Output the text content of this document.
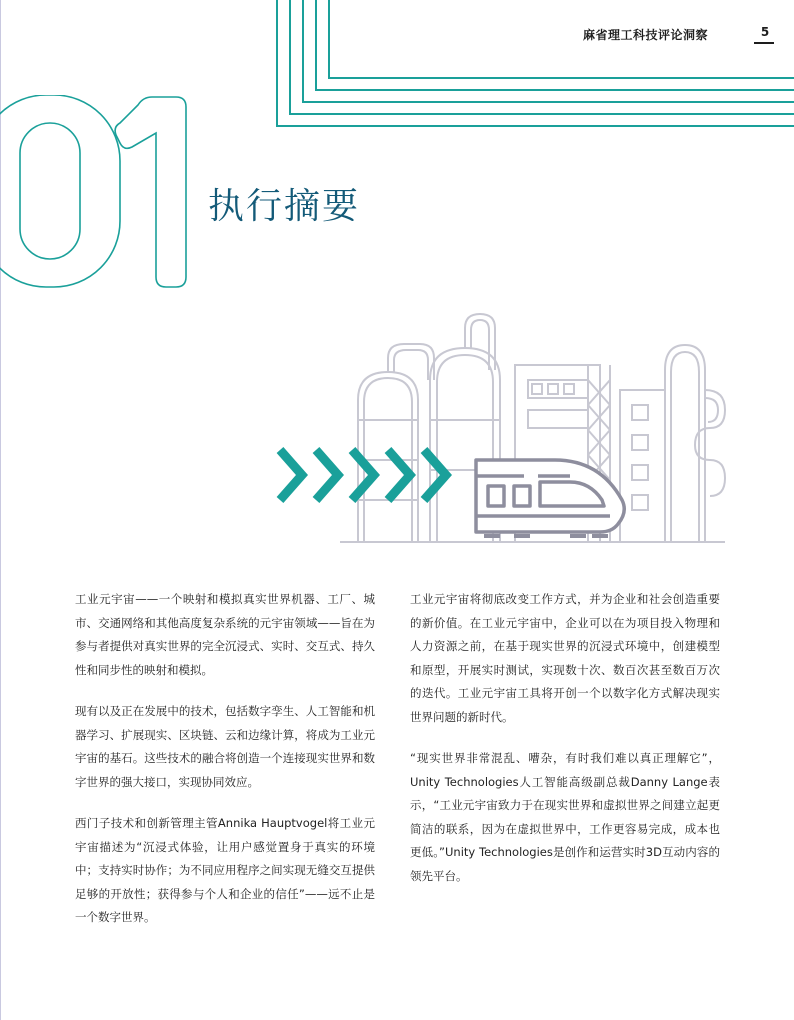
麻省理工科技评论洞察	5
执行摘要

工业元宇宙——一个映射和模拟真实世界机器、工厂、城市、交通网络和其他高度复杂系统的元宇宙领域——旨在为参与者提供对真实世界的完全沉浸式、实时、交互式、持久性和同步性的映射和模拟。

现有以及正在发展中的技术，包括数字孪生、人工智能和机器学习、扩展现实、区块链、云和边缘计算，将成为工业元宇宙的基石。这些技术的融合将创造一个连接现实世界和数字世界的强大接口，实现协同效应。

西门子技术和创新管理主管Annika Hauptvogel将工业元宇宙描述为“沉浸式体验，让用户感觉置身于真实的环境中；支持实时协作；为不同应用程序之间实现无缝交互提供足够的开放性；获得参与个人和企业的信任”——远不止是一个数字世界。

工业元宇宙将彻底改变工作方式，并为企业和社会创造重要的新价值。在工业元宇宙中，企业可以在为项目投入物理和人力资源之前，在基于现实世界的沉浸式环境中，创建模型和原型，开展实时测试，实现数十次、数百次甚至数百万次的迭代。工业元宇宙工具将开创一个以数字化方式解决现实世界问题的新时代。

“现实世界非常混乱、嘈杂，有时我们难以真正理解它”，Unity Technologies人工智能高级副总裁Danny Lange表示，“工业元宇宙致力于在现实世界和虚拟世界之间建立起更简洁的联系，因为在虚拟世界中，工作更容易完成，成本也更低。”Unity Technologies是创作和运营实时3D互动内容的领先平台。
